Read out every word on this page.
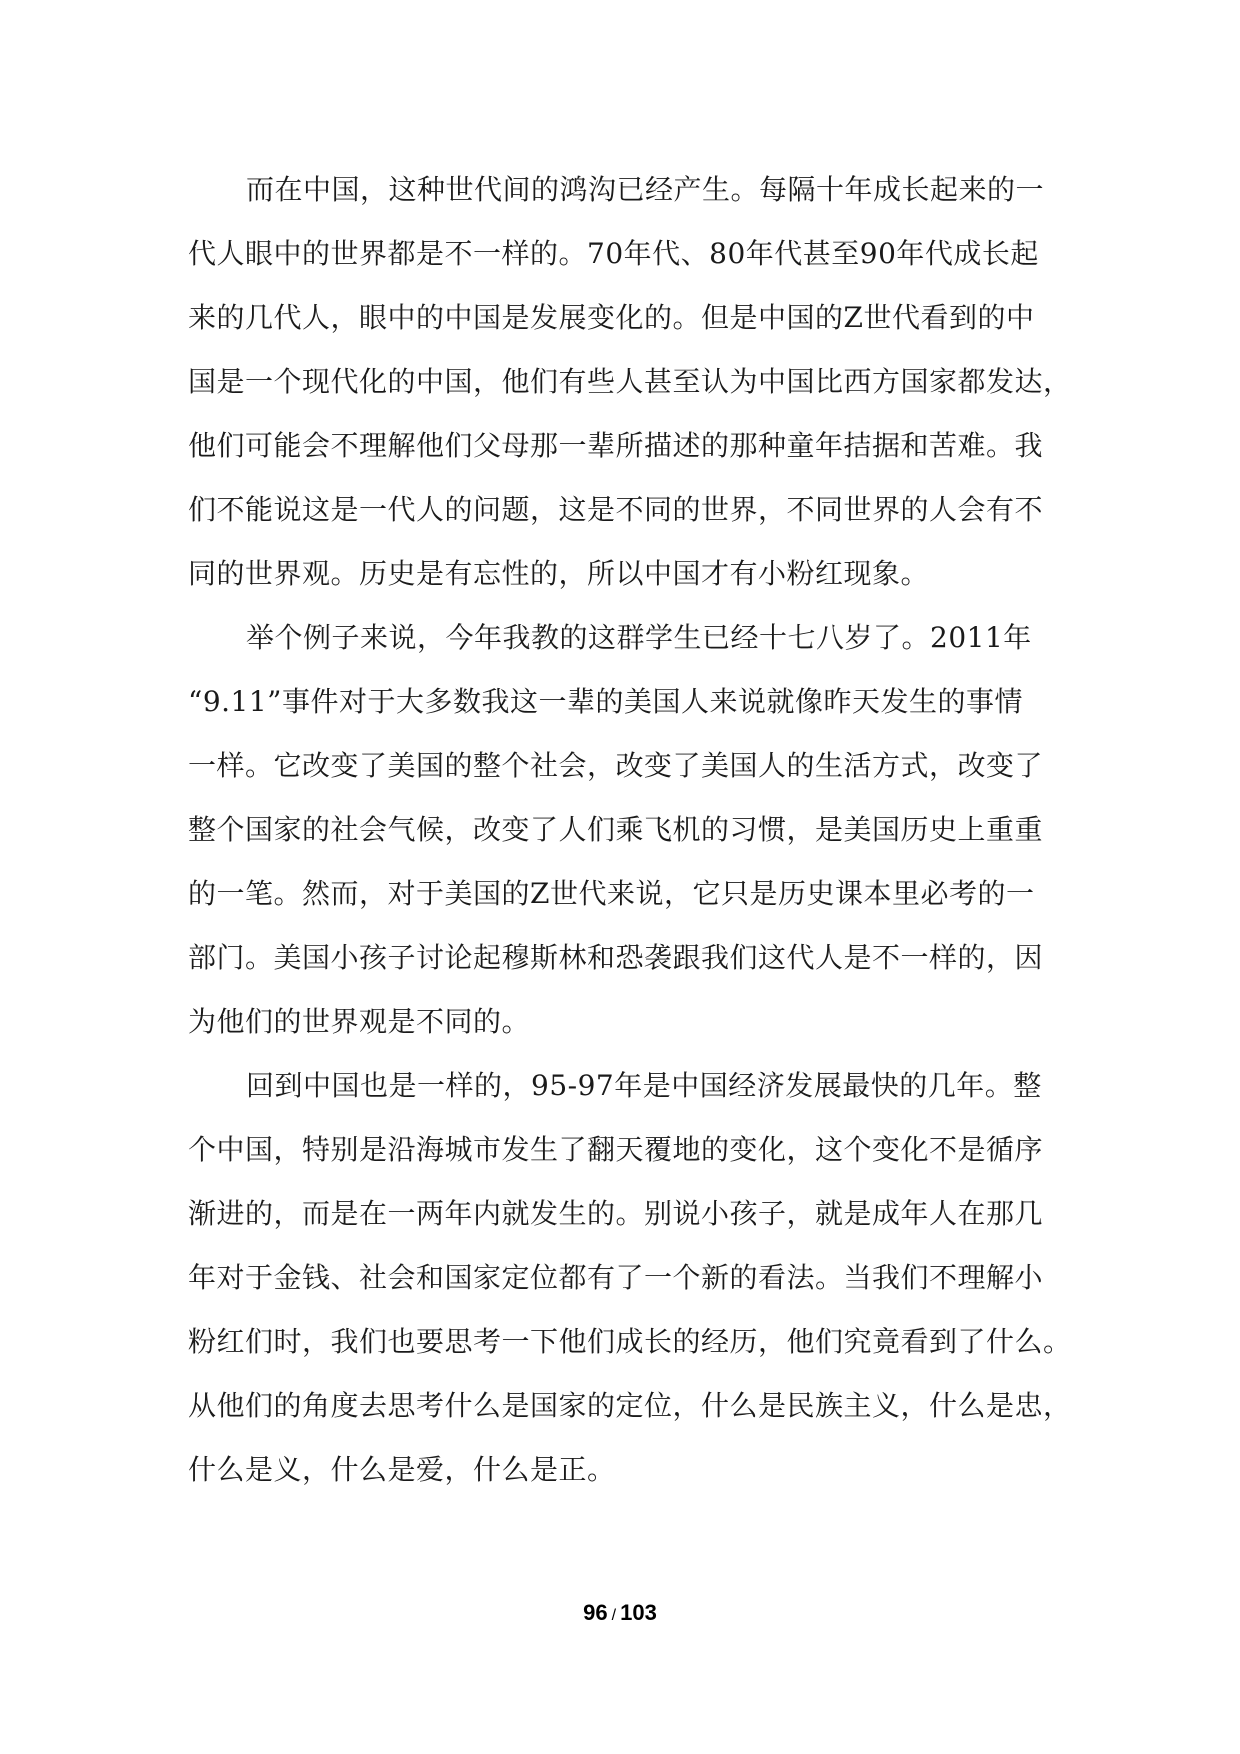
而在中国，这种世代间的鸿沟已经产生。每隔十年成长起来的一
代人眼中的世界都是不一样的。70年代、80年代甚至90年代成长起
来的几代人，眼中的中国是发展变化的。但是中国的Z世代看到的中
国是一个现代化的中国，他们有些人甚至认为中国比西方国家都发达，
他们可能会不理解他们父母那一辈所描述的那种童年拮据和苦难。我
们不能说这是一代人的问题，这是不同的世界，不同世界的人会有不
同的世界观。历史是有忘性的，所以中国才有小粉红现象。
举个例子来说，今年我教的这群学生已经十七八岁了。2011年
“9.11”事件对于大多数我这一辈的美国人来说就像昨天发生的事情
一样。它改变了美国的整个社会，改变了美国人的生活方式，改变了
整个国家的社会气候，改变了人们乘飞机的习惯，是美国历史上重重
的一笔。然而，对于美国的Z世代来说，它只是历史课本里必考的一
部门。美国小孩子讨论起穆斯林和恐袭跟我们这代人是不一样的，因
为他们的世界观是不同的。
回到中国也是一样的，95-97年是中国经济发展最快的几年。整
个中国，特别是沿海城市发生了翻天覆地的变化，这个变化不是循序
渐进的，而是在一两年内就发生的。别说小孩子，就是成年人在那几
年对于金钱、社会和国家定位都有了一个新的看法。当我们不理解小
粉红们时，我们也要思考一下他们成长的经历，他们究竟看到了什么。
从他们的角度去思考什么是国家的定位，什么是民族主义，什么是忠，
什么是义，什么是爱，什么是正。
96 / 103
